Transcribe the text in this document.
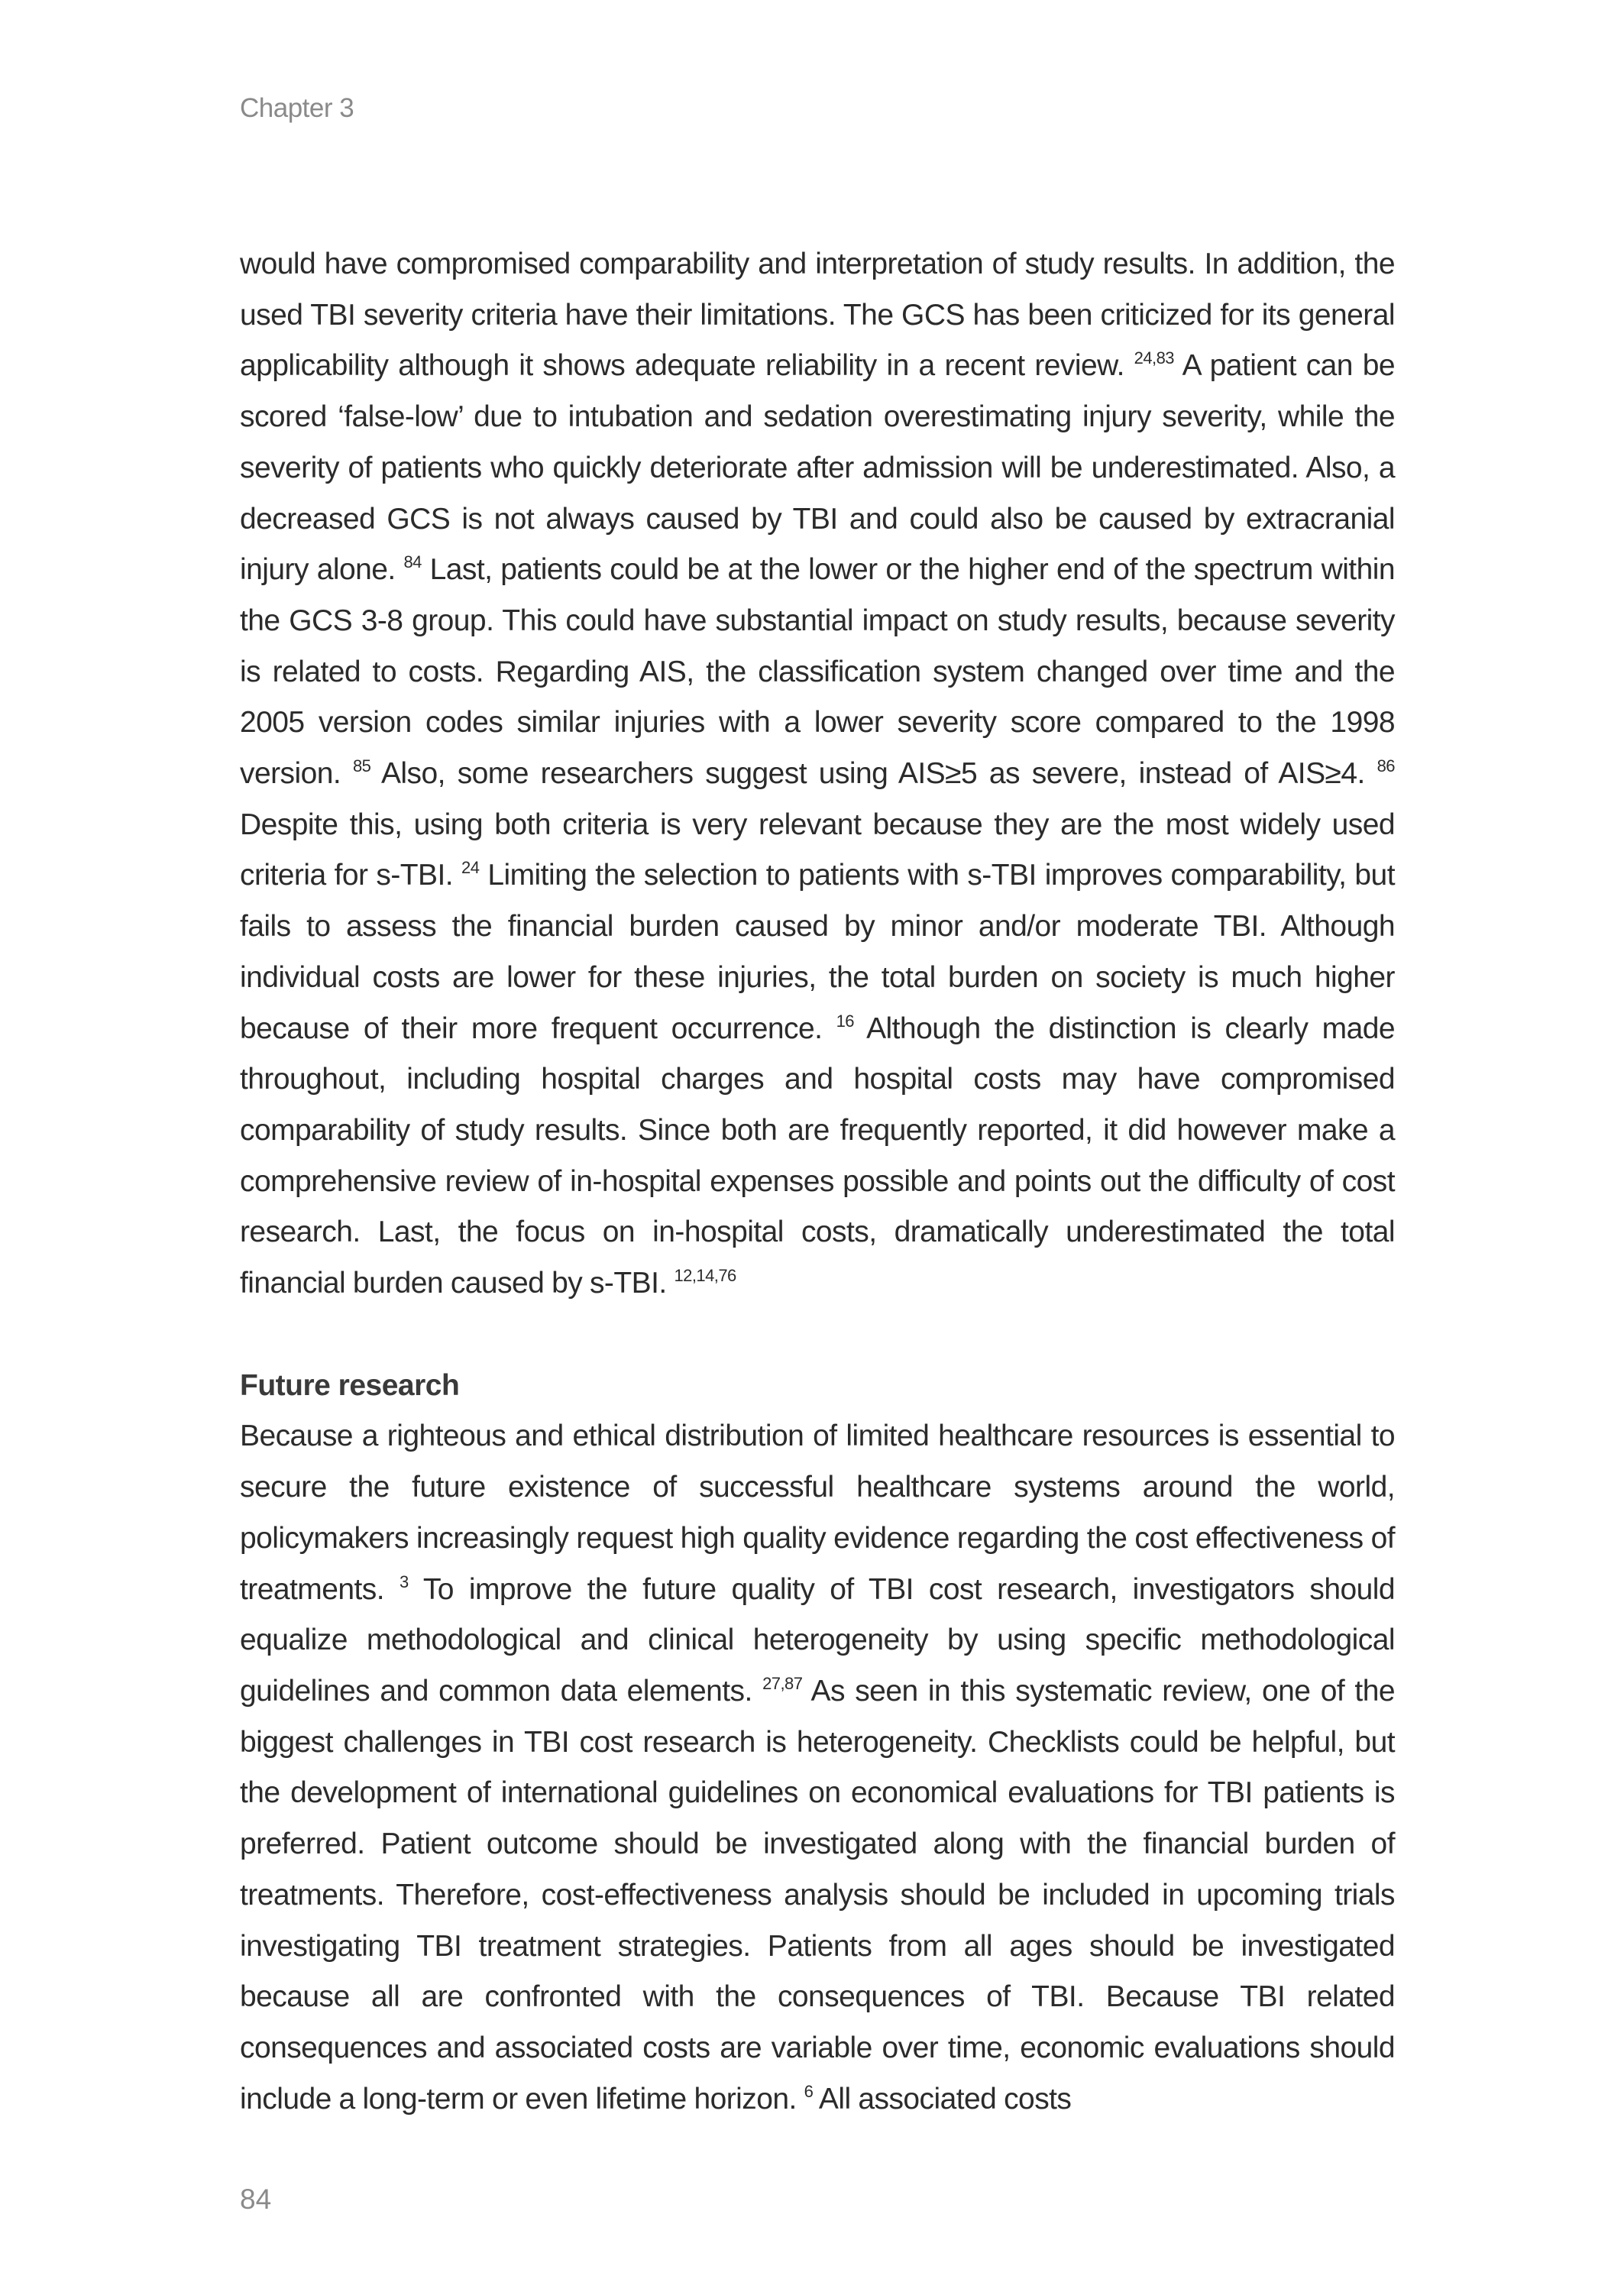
Chapter 3

would have compromised comparability and interpretation of study results. In addition, the used TBI severity criteria have their limitations. The GCS has been criticized for its general applicability although it shows adequate reliability in a recent review. $^{24,83}$ A patient can be scored ‘false-low’ due to intubation and sedation overestimating injury severity, while the severity of patients who quickly deteriorate after admission will be underestimated. Also, a decreased GCS is not always caused by TBI and could also be caused by extracranial injury alone. $^{84}$ Last, patients could be at the lower or the higher end of the spectrum within the GCS 3-8 group. This could have substantial impact on study results, because severity is related to costs. Regarding AIS, the classification system changed over time and the 2005 version codes similar injuries with a lower severity score compared to the 1998 version. $^{85}$ Also, some researchers suggest using AIS≥5 as severe, instead of AIS≥4. $^{86}$ Despite this, using both criteria is very relevant because they are the most widely used criteria for s-TBI. $^{24}$ Limiting the selection to patients with s-TBI improves comparability, but fails to assess the financial burden caused by minor and/or moderate TBI. Although individual costs are lower for these injuries, the total burden on society is much higher because of their more frequent occurrence. $^{16}$ Although the distinction is clearly made throughout, including hospital charges and hospital costs may have compromised comparability of study results. Since both are frequently reported, it did however make a comprehensive review of in-hospital expenses possible and points out the difficulty of cost research. Last, the focus on in-hospital costs, dramatically underestimated the total financial burden caused by s-TBI. $^{12,14,76}$

Future research

Because a righteous and ethical distribution of limited healthcare resources is essential to secure the future existence of successful healthcare systems around the world, policymakers increasingly request high quality evidence regarding the cost effectiveness of treatments. $^3$ To improve the future quality of TBI cost research, investigators should equalize methodological and clinical heterogeneity by using specific methodological guidelines and common data elements. $^{27,87}$ As seen in this systematic review, one of the biggest challenges in TBI cost research is heterogeneity. Checklists could be helpful, but the development of international guidelines on economical evaluations for TBI patients is preferred. Patient outcome should be investigated along with the financial burden of treatments. Therefore, cost-effectiveness analysis should be included in upcoming trials investigating TBI treatment strategies. Patients from all ages should be investigated because all are confronted with the consequences of TBI. Because TBI related consequences and associated costs are variable over time, economic evaluations should include a long-term or even lifetime horizon. $^6$ All associated costs

84
